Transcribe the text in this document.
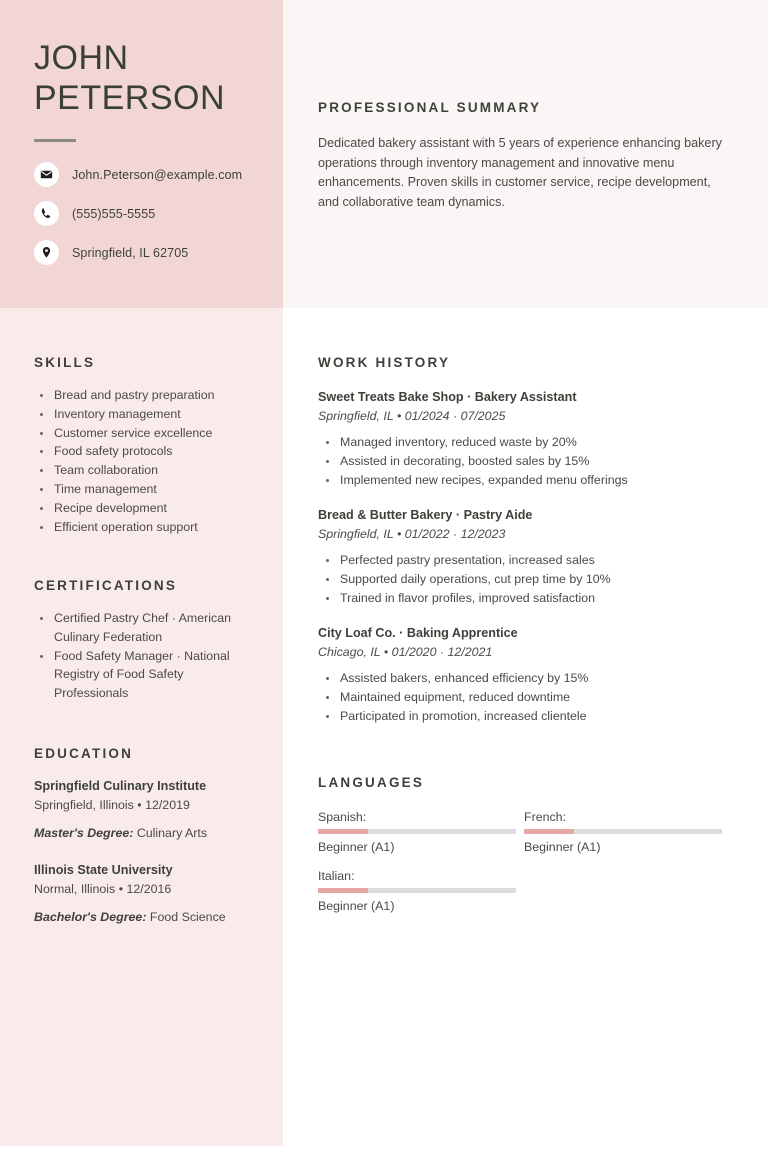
JOHN
PETERSON
John.Peterson@example.com
(555)555-5555
Springfield, IL 62705
PROFESSIONAL SUMMARY
Dedicated bakery assistant with 5 years of experience enhancing bakery operations through inventory management and innovative menu enhancements. Proven skills in customer service, recipe development, and collaborative team dynamics.
SKILLS
Bread and pastry preparation
Inventory management
Customer service excellence
Food safety protocols
Team collaboration
Time management
Recipe development
Efficient operation support
CERTIFICATIONS
Certified Pastry Chef · American Culinary Federation
Food Safety Manager · National Registry of Food Safety Professionals
EDUCATION
Springfield Culinary Institute
Springfield, Illinois • 12/2019
Master's Degree: Culinary Arts
Illinois State University
Normal, Illinois • 12/2016
Bachelor's Degree: Food Science
WORK HISTORY
Sweet Treats Bake Shop · Bakery Assistant
Springfield, IL • 01/2024 · 07/2025
Managed inventory, reduced waste by 20%
Assisted in decorating, boosted sales by 15%
Implemented new recipes, expanded menu offerings
Bread & Butter Bakery · Pastry Aide
Springfield, IL • 01/2022 · 12/2023
Perfected pastry presentation, increased sales
Supported daily operations, cut prep time by 10%
Trained in flavor profiles, improved satisfaction
City Loaf Co. · Baking Apprentice
Chicago, IL • 01/2020 · 12/2021
Assisted bakers, enhanced efficiency by 15%
Maintained equipment, reduced downtime
Participated in promotion, increased clientele
LANGUAGES
Spanish:
Beginner (A1)
French:
Beginner (A1)
Italian:
Beginner (A1)
